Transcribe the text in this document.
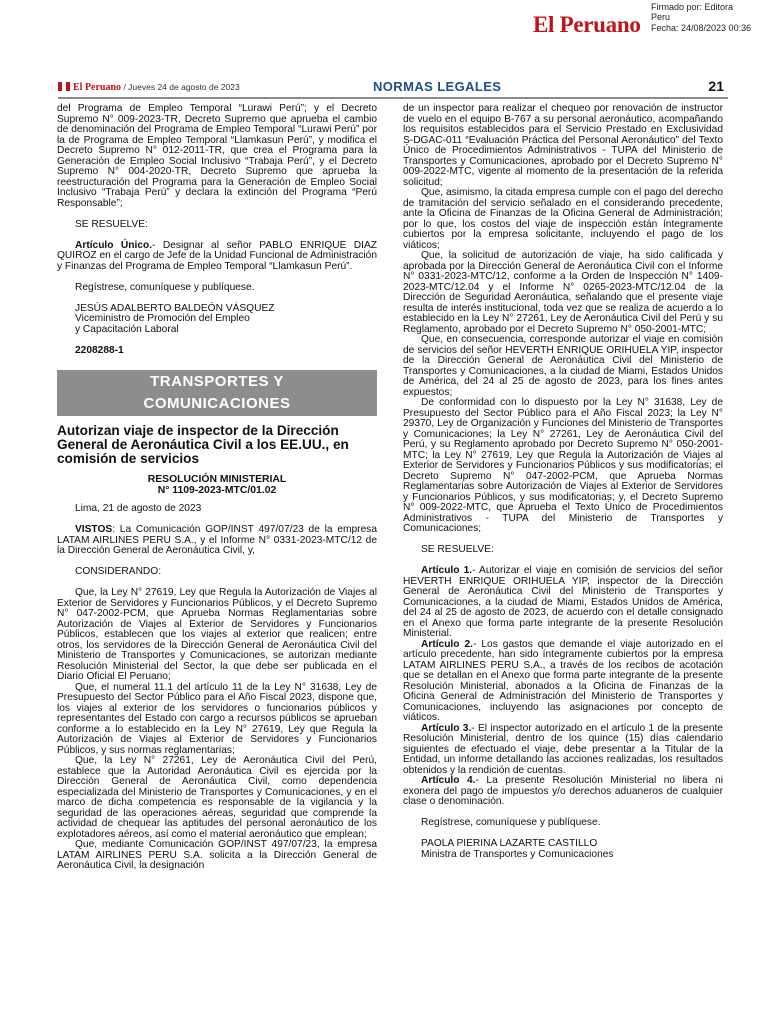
El Peruano
Firmado por: Editora
Peru
Fecha: 24/08/2023 00:36
El Peruano / Jueves 24 de agosto de 2023	NORMAS LEGALES	21

del Programa de Empleo Temporal “Lurawi Perú”; y el Decreto Supremo N° 009-2023-TR, Decreto Supremo que aprueba el cambio de denominación del Programa de Empleo Temporal “Lurawi Perú” por la de Programa de Empleo Temporal “Llamkasun Perú”, y modifica el Decreto Supremo N° 012-2011-TR, que crea el Programa para la Generación de Empleo Social Inclusivo “Trabaja Perú”, y el Decreto Supremo N° 004-2020-TR, Decreto Supremo que aprueba la reestructuración del Programa para la Generación de Empleo Social Inclusivo “Trabaja Perú” y declara la extinción del Programa “Perú Responsable”;

SE RESUELVE:

Artículo Único.- Designar al señor PABLO ENRIQUE DIAZ QUIROZ en el cargo de Jefe de la Unidad Funcional de Administración y Finanzas del Programa de Empleo Temporal “Llamkasun Perú”.

Regístrese, comuníquese y publíquese.

JESÚS ADALBERTO BALDEÓN VÁSQUEZ

Viceministro de Promoción del Empleo

y Capacitación Laboral

2208288-1

TRANSPORTES Y
COMUNICACIONES
Autorizan viaje de inspector de la Dirección General de Aeronáutica Civil a los EE.UU., en comisión de servicios
RESOLUCIÓN MINISTERIAL
N° 1109-2023-MTC/01.02

Lima, 21 de agosto de 2023

VISTOS: La Comunicación GOP/INST 497/07/23 de la empresa LATAM AIRLINES PERU S.A., y el Informe N° 0331-2023-MTC/12 de la Dirección General de Aeronáutica Civil, y,

CONSIDERANDO:

Que, la Ley N° 27619, Ley que Regula la Autorización de Viajes al Exterior de Servidores y Funcionarios Públicos, y el Decreto Supremo N° 047-2002-PCM, que Aprueba Normas Reglamentarias sobre Autorización de Viajes al Exterior de Servidores y Funcionarios Públicos, establecen que los viajes al exterior que realicen; entre otros, los servidores de la Dirección General de Aeronáutica Civil del Ministerio de Transportes y Comunicaciones, se autorizan mediante Resolución Ministerial del Sector, la que debe ser publicada en el Diario Oficial El Peruano;

Que, el numeral 11.1 del artículo 11 de la Ley N° 31638, Ley de Presupuesto del Sector Público para el Año Fiscal 2023, dispone que, los viajes al exterior de los servidores o funcionarios públicos y representantes del Estado con cargo a recursos públicos se aprueban conforme a lo establecido en la Ley N° 27619, Ley que Regula la Autorización de Viajes al Exterior de Servidores y Funcionarios Públicos, y sus normas reglamentarias;

Que, la Ley N° 27261, Ley de Aeronáutica Civil del Perú, establece que la Autoridad Aeronáutica Civil es ejercida por la Dirección General de Aeronáutica Civil, como dependencia especializada del Ministerio de Transportes y Comunicaciones, y en el marco de dicha competencia es responsable de la vigilancia y la seguridad de las operaciones aéreas, seguridad que comprende la actividad de chequear las aptitudes del personal aeronáutico de los explotadores aéreos, así como el material aeronáutico que emplean;

Que, mediante Comunicación GOP/INST 497/07/23, la empresa LATAM AIRLINES PERU S.A. solicita a la Dirección General de Aeronáutica Civil, la designación

de un inspector para realizar el chequeo por renovación de instructor de vuelo en el equipo B-767 a su personal aeronáutico, acompañando los requisitos establecidos para el Servicio Prestado en Exclusividad S-DGAC-011 “Evaluación Práctica del Personal Aeronáutico” del Texto Único de Procedimientos Administrativos - TUPA del Ministerio de Transportes y Comunicaciones, aprobado por el Decreto Supremo N° 009-2022-MTC, vigente al momento de la presentación de la referida solicitud;

Que, asimismo, la citada empresa cumple con el pago del derecho de tramitación del servicio señalado en el considerando precedente, ante la Oficina de Finanzas de la Oficina General de Administración; por lo que, los costos del viaje de inspección están íntegramente cubiertos por la empresa solicitante, incluyendo el pago de los viáticos;

Que, la solicitud de autorización de viaje, ha sido calificada y aprobada por la Dirección General de Aeronáutica Civil con el Informe N° 0331-2023-MTC/12, conforme a la Orden de Inspección N° 1409-2023-MTC/12.04 y el Informe N° 0265-2023-MTC/12.04 de la Dirección de Seguridad Aeronáutica, señalando que el presente viaje resulta de interés institucional, toda vez que se realiza de acuerdo a lo establecido en la Ley N° 27261, Ley de Aeronáutica Civil del Perú y su Reglamento, aprobado por el Decreto Supremo N° 050-2001-MTC;

Que, en consecuencia, corresponde autorizar el viaje en comisión de servicios del señor HEVERTH ENRIQUE ORIHUELA YIP, inspector de la Dirección General de Aeronáutica Civil del Ministerio de Transportes y Comunicaciones, a la ciudad de Miami, Estados Unidos de América, del 24 al 25 de agosto de 2023, para los fines antes expuestos;

De conformidad con lo dispuesto por la Ley N° 31638, Ley de Presupuesto del Sector Público para el Año Fiscal 2023; la Ley N° 29370, Ley de Organización y Funciones del Ministerio de Transportes y Comunicaciones; la Ley N° 27261, Ley de Aeronáutica Civil del Perú, y su Reglamento aprobado por Decreto Supremo N° 050-2001-MTC; la Ley N° 27619, Ley que Regula la Autorización de Viajes al Exterior de Servidores y Funcionarios Públicos y sus modificatorias; el Decreto Supremo N° 047-2002-PCM, que Aprueba Normas Reglamentarias sobre Autorización de Viajes al Exterior de Servidores y Funcionarios Públicos, y sus modificatorias; y, el Decreto Supremo N° 009-2022-MTC, que Aprueba el Texto Único de Procedimientos Administrativos - TUPA del Ministerio de Transportes y Comunicaciones;

SE RESUELVE:

Artículo 1.- Autorizar el viaje en comisión de servicios del señor HEVERTH ENRIQUE ORIHUELA YIP, inspector de la Dirección General de Aeronáutica Civil del Ministerio de Transportes y Comunicaciones, a la ciudad de Miami, Estados Unidos de América, del 24 al 25 de agosto de 2023, de acuerdo con el detalle consignado en el Anexo que forma parte integrante de la presente Resolución Ministerial.

Artículo 2.- Los gastos que demande el viaje autorizado en el artículo precedente, han sido íntegramente cubiertos por la empresa LATAM AIRLINES PERU S.A., a través de los recibos de acotación que se detallan en el Anexo que forma parte integrante de la presente Resolución Ministerial, abonados a la Oficina de Finanzas de la Oficina General de Administración del Ministerio de Transportes y Comunicaciones, incluyendo las asignaciones por concepto de viáticos.

Artículo 3.- El inspector autorizado en el artículo 1 de la presente Resolución Ministerial, dentro de los quince (15) días calendario siguientes de efectuado el viaje, debe presentar a la Titular de la Entidad, un informe detallando las acciones realizadas, los resultados obtenidos y la rendición de cuentas.

Artículo 4.- La presente Resolución Ministerial no libera ni exonera del pago de impuestos y/o derechos aduaneros de cualquier clase o denominación.

Regístrese, comuníquese y publíquese.

PAOLA PIERINA LAZARTE CASTILLO

Ministra de Transportes y Comunicaciones
